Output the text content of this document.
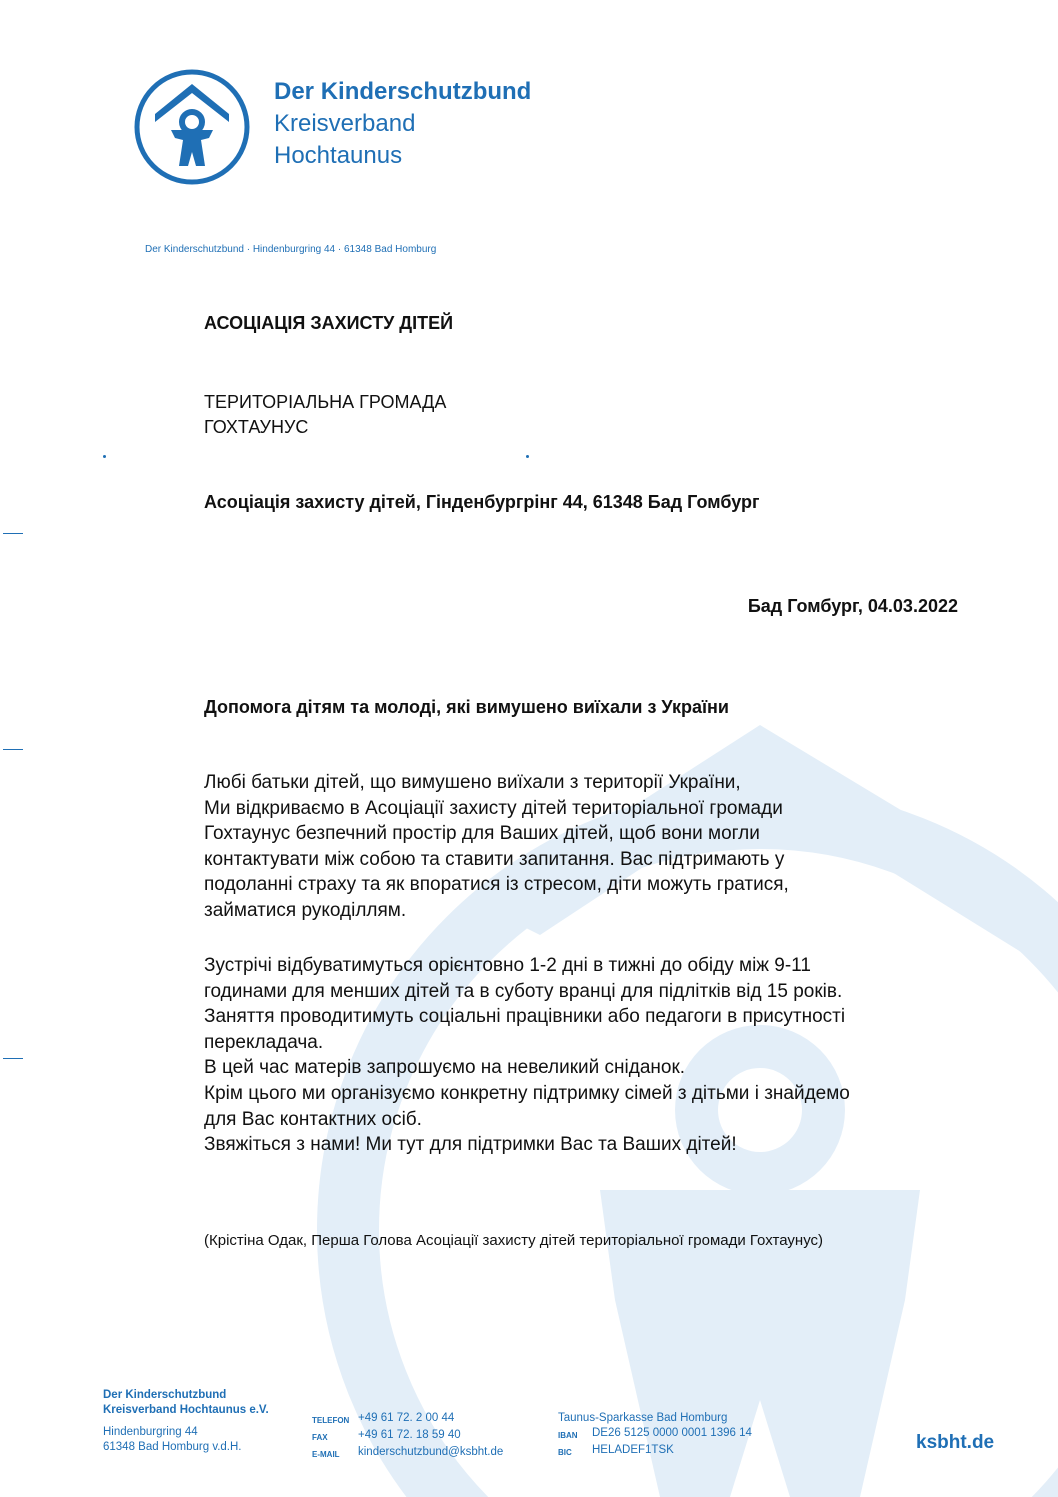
Der Kinderschutzbund
Kreisverband
Hochtaunus
Der Kinderschutzbund · Hindenburgring 44 · 61348 Bad Homburg
АСОЦІАЦІЯ ЗАХИСТУ ДІТЕЙ
ТЕРИТОРІАЛЬНА ГРОМАДА
ГОХТАУНУС
Асоціація захисту дітей, Гінденбургрінг 44, 61348 Бад Гомбург
Бад Гомбург, 04.03.2022
Допомога дітям та молоді, які вимушено виїхали з України

Любі батьки дітей, що вимушено виїхали з території України,

Ми відкриваємо в Асоціації захисту дітей територіальної громади

Гохтаунус безпечний простір для Ваших дітей, щоб вони могли

контактувати між собою та ставити запитання. Вас підтримають у

подоланні страху та як впоратися із стресом, діти можуть гратися,

займатися рукоділлям.

Зустрічі відбуватимуться орієнтовно 1-2 дні в тижні до обіду між 9-11

годинами для менших дітей та в суботу вранці для підлітків від 15 років.

Заняття проводитимуть соціальні працівники або педагоги в присутності

перекладача.

В цей час матерів запрошуємо на невеликий сніданок.

Крім цього ми організуємо конкретну підтримку сімей з дітьми і знайдемо

для Вас контактних осіб.

Звяжіться з нами! Ми тут для підтримки Вас та Ваших дітей!

(Крістіна Одак, Перша Голова Асоціації захисту дітей територіальної громади Гохтаунус)
Der Kinderschutzbund
Kreisverband Hochtaunus e.V.
Hindenburgring 44
61348 Bad Homburg v.d.H.
TELEFON +49 61 72. 2 00 44
FAX	+49 61 72. 18 59 40
E-MAIL	kinderschutzbund@ksbht.de
Taunus-Sparkasse Bad Homburg
IBAN	DE26 5125 0000 0001 1396 14
BIC	HELADEF1TSK	ksbht.de
